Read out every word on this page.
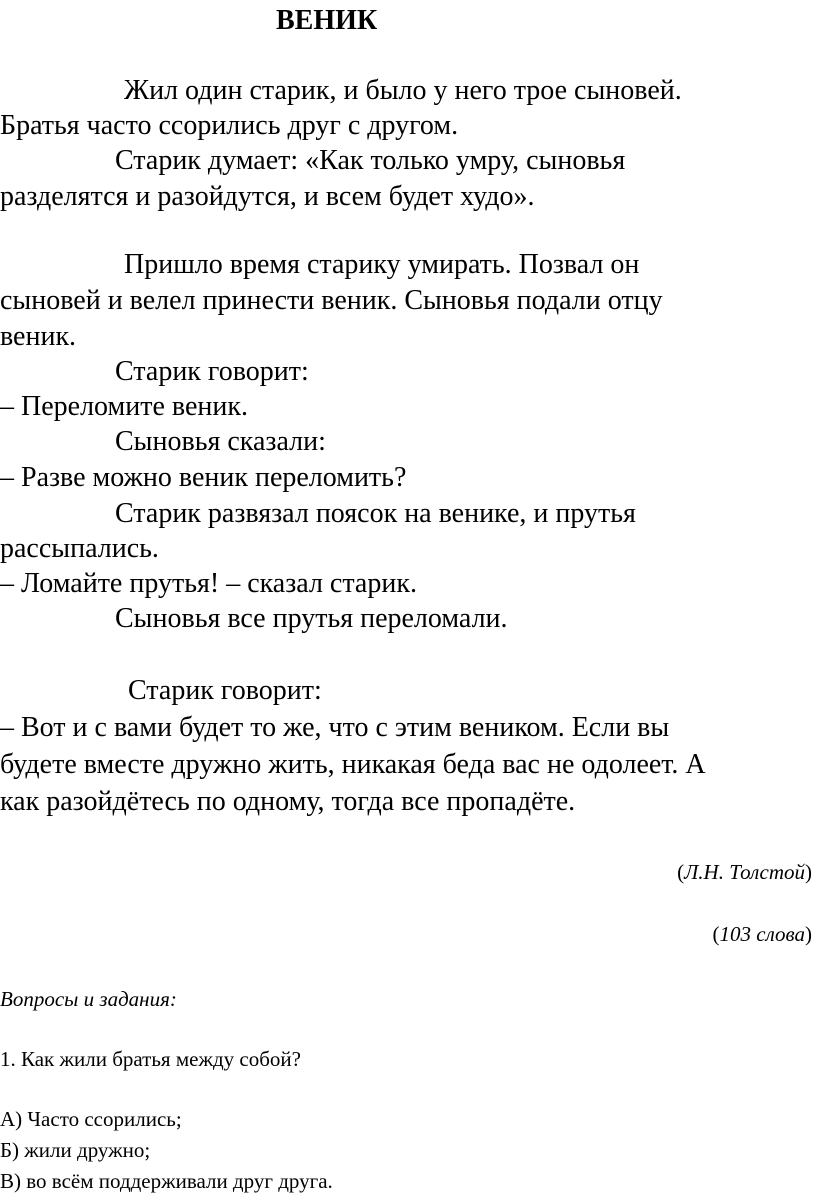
ВЕНИК
Жил один старик, и было у него трое сыновей.
Братья часто ссорились друг с другом.
Старик думает: «Как только умру, сыновья
разделятся и разойдутся, и всем будет худо».
Пришло время старику умирать. Позвал он
сыновей и велел принести веник. Сыновья подали отцу
веник.
Старик говорит:
– Переломите веник.
Сыновья сказали:
– Разве можно веник переломить?
Старик развязал поясок на венике, и прутья
рассыпались.
– Ломайте прутья! – сказал старик.
Сыновья все прутья переломали.
Старик говорит:
– Вот и с вами будет то же, что с этим веником. Если вы
будете вместе дружно жить, никакая беда вас не одолеет. А
как разойдётесь по одному, тогда все пропадёте.
(Л.Н. Толстой)
(103 слова)
Вопросы и задания:
1. Как жили братья между собой?
А) Часто ссорились;
Б) жили дружно;
В) во всём поддерживали друг друга.
